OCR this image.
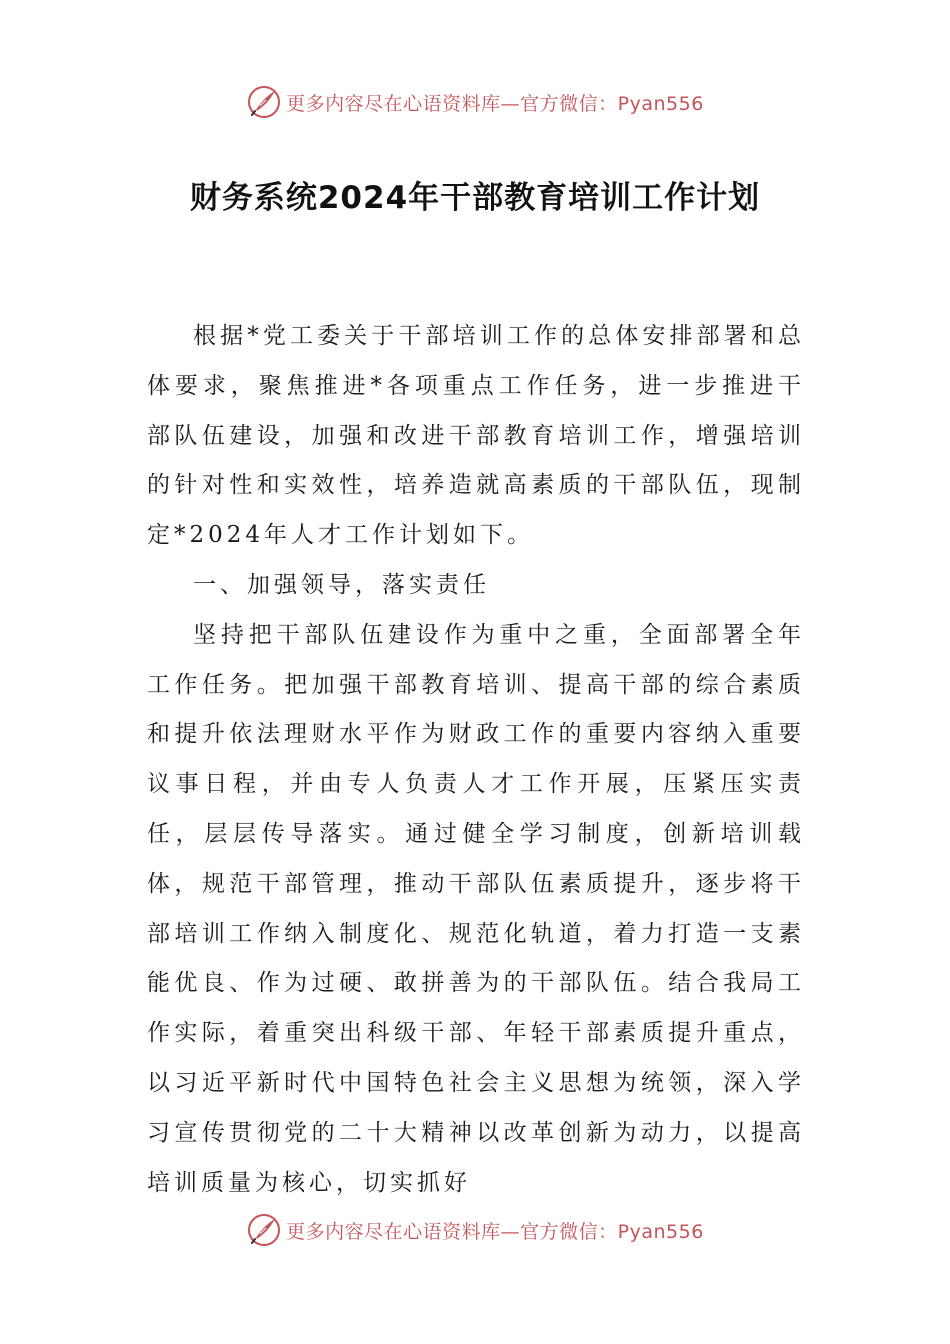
更多内容尽在心语资料库—官方微信：Pyan556
财务系统2024年干部教育培训工作计划

根据*党工委关于干部培训工作的总体安排部署和总体要求，聚焦推进*各项重点工作任务，进一步推进干部队伍建设，加强和改进干部教育培训工作，增强培训的针对性和实效性，培养造就高素质的干部队伍，现制定*2024年人才工作计划如下。

一、加强领导，落实责任

坚持把干部队伍建设作为重中之重，全面部署全年工作任务。把加强干部教育培训、提高干部的综合素质和提升依法理财水平作为财政工作的重要内容纳入重要议事日程，并由专人负责人才工作开展，压紧压实责任，层层传导落实。通过健全学习制度，创新培训载体，规范干部管理，推动干部队伍素质提升，逐步将干部培训工作纳入制度化、规范化轨道，着力打造一支素能优良、作为过硬、敢拼善为的干部队伍。结合我局工作实际，着重突出科级干部、年轻干部素质提升重点，以习近平新时代中国特色社会主义思想为统领，深入学习宣传贯彻党的二十大精神以改革创新为动力，以提高培训质量为核心，切实抓好

更多内容尽在心语资料库—官方微信：Pyan556
